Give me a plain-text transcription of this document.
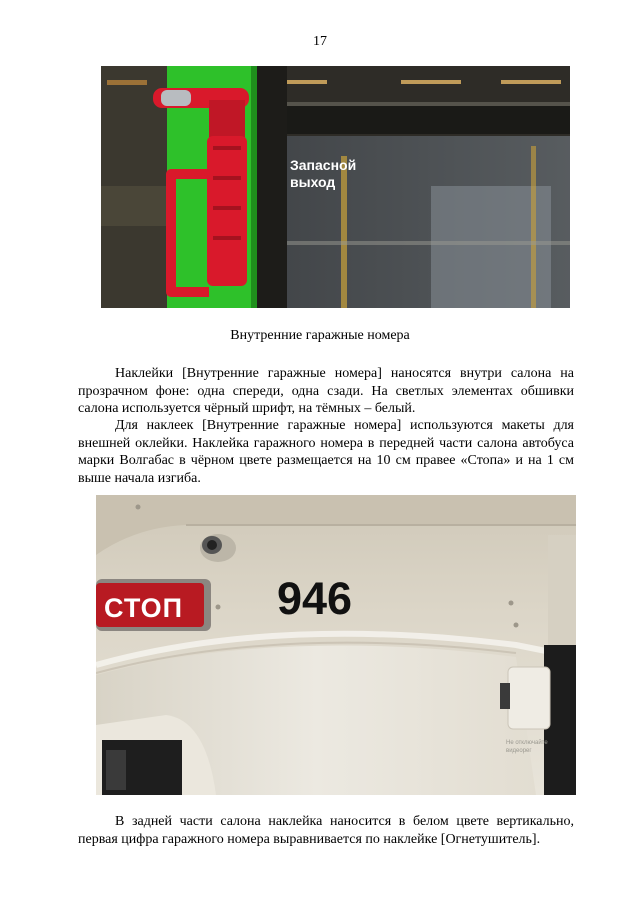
17
Запасной
выход
Внутренние гаражные номера

Наклейки [Внутренние гаражные номера] наносятся внутри салона на прозрачном фоне: одна спереди, одна сзади. На светлых элементах обшивки салона используется чёрный шрифт, на тёмных – белый.

Для наклеек [Внутренние гаражные номера] используются макеты для внешней оклейки. Наклейка гаражного номера в передней части салона автобуса марки Волгабас в чёрном цвете размещается на 10 см правее «Стопа» и на 1 см выше начала изгиба.

СТОП 946
Не отключайте
видеорег

В задней части салона наклейка наносится в белом цвете вертикально, первая цифра гаражного номера выравнивается по наклейке [Огнетушитель].
